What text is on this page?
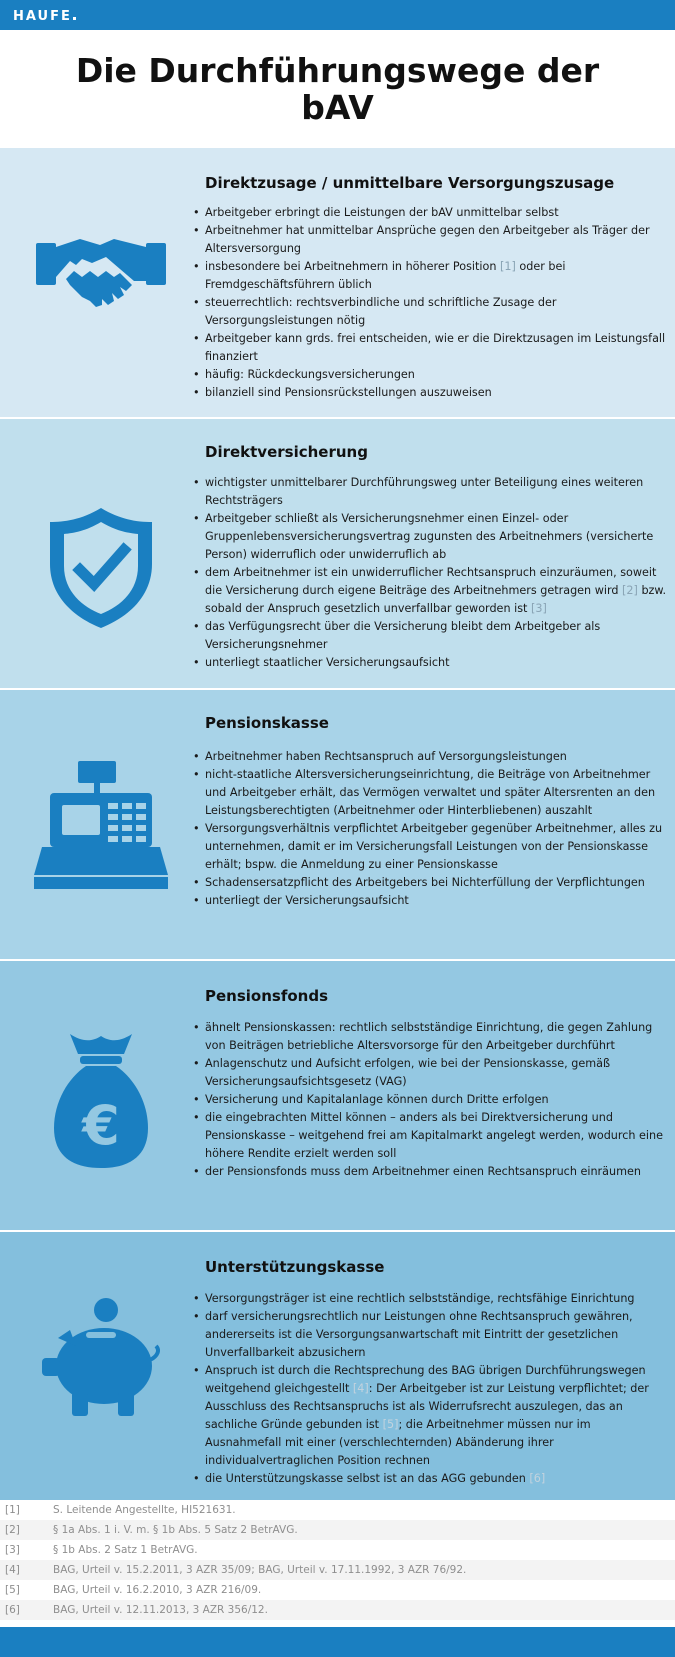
HAUFE
Die Durchführungswege der bAV
Direktzusage / unmittelbare Versorgungszusage
• Arbeitgeber erbringt die Leistungen der bAV unmittelbar selbst
• Arbeitnehmer hat unmittelbar Ansprüche gegen den Arbeitgeber als Träger der Altersversorgung
• insbesondere bei Arbeitnehmern in höherer Position [1] oder bei Fremdgeschäftsführern üblich
• steuerrechtlich: rechtsverbindliche und schriftliche Zusage der Versorgungsleistungen nötig
• Arbeitgeber kann grds. frei entscheiden, wie er die Direktzusagen im Leistungsfall finanziert
• häufig: Rückdeckungsversicherungen
• bilanziell sind Pensionsrückstellungen auszuweisen
Direktversicherung
• wichtigster unmittelbarer Durchführungsweg unter Beteiligung eines weiteren Rechtsträgers
• Arbeitgeber schließt als Versicherungsnehmer einen Einzel- oder Gruppenlebensversicherungsvertrag zugunsten des Arbeitnehmers (versicherte Person) widerruflich oder unwiderruflich ab
• dem Arbeitnehmer ist ein unwiderruflicher Rechtsanspruch einzuräumen, soweit die Versicherung durch eigene Beiträge des Arbeitnehmers getragen wird [2] bzw. sobald der Anspruch gesetzlich unverfallbar geworden ist [3]
• das Verfügungsrecht über die Versicherung bleibt dem Arbeitgeber als Versicherungsnehmer
• unterliegt staatlicher Versicherungsaufsicht
Pensionskasse
• Arbeitnehmer haben Rechtsanspruch auf Versorgungsleistungen
• nicht-staatliche Altersversicherungseinrichtung, die Beiträge von Arbeitnehmer und Arbeitgeber erhält, das Vermögen verwaltet und später Altersrenten an den Leistungsberechtigten (Arbeitnehmer oder Hinterbliebenen) auszahlt
• Versorgungsverhältnis verpflichtet Arbeitgeber gegenüber Arbeitnehmer, alles zu unternehmen, damit er im Versicherungsfall Leistungen von der Pensionskasse erhält; bspw. die Anmeldung zu einer Pensionskasse
• Schadensersatzpflicht des Arbeitgebers bei Nichterfüllung der Verpflichtungen
• unterliegt der Versicherungsaufsicht
€
Pensionsfonds
• ähnelt Pensionskassen: rechtlich selbstständige Einrichtung, die gegen Zahlung von Beiträgen betriebliche Altersvorsorge für den Arbeitgeber durchführt
• Anlagenschutz und Aufsicht erfolgen, wie bei der Pensionskasse, gemäß Versicherungsaufsichtsgesetz (VAG)
• Versicherung und Kapitalanlage können durch Dritte erfolgen
• die eingebrachten Mittel können – anders als bei Direktversicherung und Pensionskasse – weitgehend frei am Kapitalmarkt angelegt werden, wodurch eine höhere Rendite erzielt werden soll
• der Pensionsfonds muss dem Arbeitnehmer einen Rechtsanspruch einräumen
Unterstützungskasse
• Versorgungsträger ist eine rechtlich selbstständige, rechtsfähige Einrichtung
• darf versicherungsrechtlich nur Leistungen ohne Rechtsanspruch gewähren, andererseits ist die Versorgungsanwartschaft mit Eintritt der gesetzlichen Unverfallbarkeit abzusichern
• Anspruch ist durch die Rechtsprechung des BAG übrigen Durchführungswegen weitgehend gleichgestellt [4]: Der Arbeitgeber ist zur Leistung verpflichtet; der Ausschluss des Rechtsanspruchs ist als Widerrufsrecht auszulegen, das an sachliche Gründe gebunden ist [5]; die Arbeitnehmer müssen nur im Ausnahmefall mit einer (verschlechternden) Abänderung ihrer individualvertraglichen Position rechnen
• die Unterstützungskasse selbst ist an das AGG gebunden [6]
[1]	S. Leitende Angestellte, HI521631.
[2]	§ 1a Abs. 1 i. V. m. § 1b Abs. 5 Satz 2 BetrAVG.
[3]	§ 1b Abs. 2 Satz 1 BetrAVG.
[4]	BAG, Urteil v. 15.2.2011, 3 AZR 35/09; BAG, Urteil v. 17.11.1992, 3 AZR 76/92.
[5]	BAG, Urteil v. 16.2.2010, 3 AZR 216/09.
[6]	BAG, Urteil v. 12.11.2013, 3 AZR 356/12.
